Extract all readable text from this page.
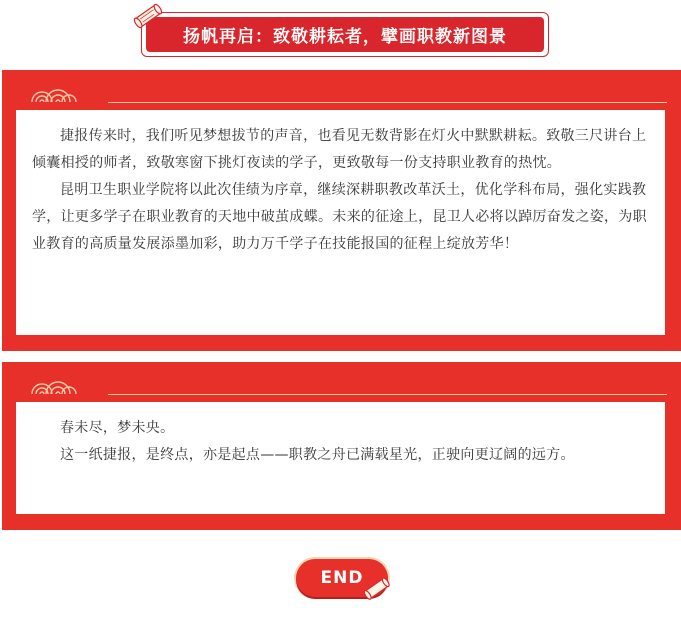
扬帆再启：致敬耕耘者，擘画职教新图景

捷报传来时，我们听见梦想拔节的声音，也看见无数背影在灯火中默默耕耘。致敬三尺讲台上倾囊相授的师者，致敬寒窗下挑灯夜读的学子，更致敬每一份支持职业教育的热忱。

昆明卫生职业学院将以此次佳绩为序章，继续深耕职教改革沃土，优化学科布局，强化实践教学，让更多学子在职业教育的天地中破茧成蝶。未来的征途上，昆卫人必将以踔厉奋发之姿，为职业教育的高质量发展添墨加彩，助力万千学子在技能报国的征程上绽放芳华！

春未尽，梦未央。

这一纸捷报，是终点，亦是起点——职教之舟已满载星光，正驶向更辽阔的远方。

END
